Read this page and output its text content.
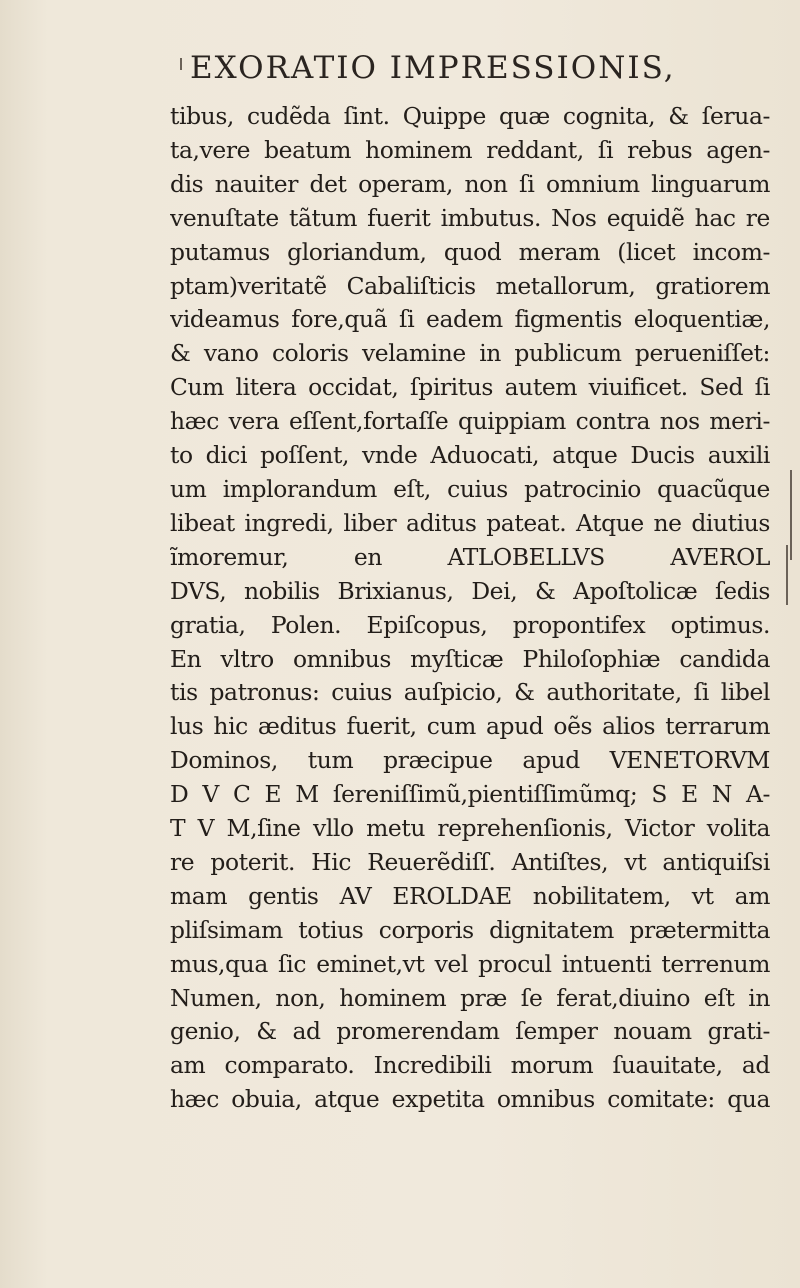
EXORATIO IMPRESSIONIS,
tibus, cudẽda ſint. Quippe quæ cognita, & ſerua-
ta,vere beatum hominem reddant, ſi rebus agen-
dis nauiter det operam, non ſi omnium linguarum
venuſtate tãtum fuerit imbutus. Nos equidẽ hac re
putamus gloriandum, quod meram (licet incom-
ptam)veritatẽ Cabaliſticis metallorum, gratiorem
videamus fore,quã ſi eadem figmentis eloquentiæ,
& vano coloris velamine in publicum perueniſſet:
Cum litera occidat, ſpiritus autem viuificet. Sed ſi
hæc vera eſſent,fortaſſe quippiam contra nos meri-
to dici poſſent, vnde Aduocati, atque Ducis auxili
um implorandum eſt, cuius patrocinio quacũque
libeat ingredi, liber aditus pateat. Atque ne diutius
ĩmoremur, en ATLOBELLVS AVEROL
DVS, nobilis Brixianus, Dei, & Apoſtolicæ ſedis
gratia, Polen. Epiſcopus, propontifex optimus.
En vltro omnibus myſticæ Philoſophiæ candida
tis patronus: cuius auſpicio, & authoritate, ſi libel
lus hic æditus fuerit, cum apud oẽs alios terrarum
Dominos, tum præcipue apud VENETORVM
D V C E M ſereniſſimũ,pientiſſimũmq; S E N A-
T V M,ſine vllo metu reprehenſionis, Victor volita
re poterit. Hic Reuerẽdiſſ. Antiſtes, vt antiquiſsi
mam gentis AV EROLDAE nobilitatem, vt am
pliſsimam totius corporis dignitatem prætermitta
mus,qua ſic eminet,vt vel procul intuenti terrenum
Numen, non, hominem præ ſe ferat,diuino eſt in
genio, & ad promerendam ſemper nouam grati-
am comparato. Incredibili morum ſuauitate, ad
hæc obuia, atque expetita omnibus comitate: qua
